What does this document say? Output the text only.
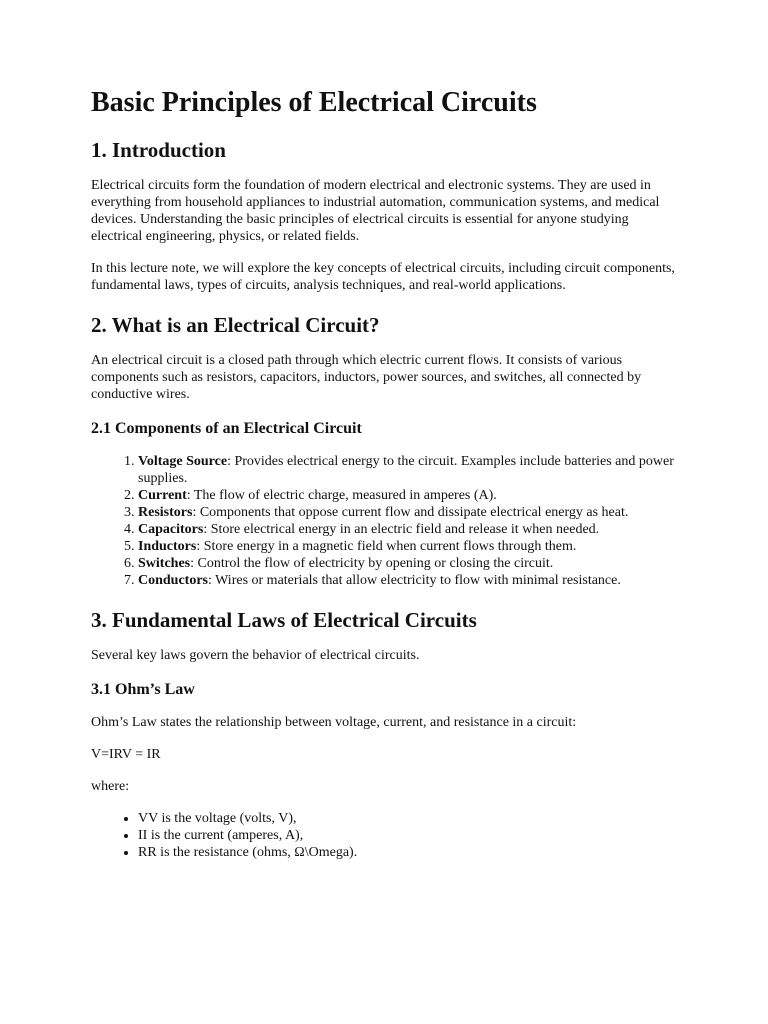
Basic Principles of Electrical Circuits
1. Introduction

Electrical circuits form the foundation of modern electrical and electronic systems. They are used in everything from household appliances to industrial automation, communication systems, and medical devices. Understanding the basic principles of electrical circuits is essential for anyone studying electrical engineering, physics, or related fields.

In this lecture note, we will explore the key concepts of electrical circuits, including circuit components, fundamental laws, types of circuits, analysis techniques, and real-world applications.

2. What is an Electrical Circuit?

An electrical circuit is a closed path through which electric current flows. It consists of various components such as resistors, capacitors, inductors, power sources, and switches, all connected by conductive wires.

2.1 Components of an Electrical Circuit
1. Voltage Source: Provides electrical energy to the circuit. Examples include batteries and power supplies.
2. Current: The flow of electric charge, measured in amperes (A).
3. Resistors: Components that oppose current flow and dissipate electrical energy as heat.
4. Capacitors: Store electrical energy in an electric field and release it when needed.
5. Inductors: Store energy in a magnetic field when current flows through them.
6. Switches: Control the flow of electricity by opening or closing the circuit.
7. Conductors: Wires or materials that allow electricity to flow with minimal resistance.
3. Fundamental Laws of Electrical Circuits

Several key laws govern the behavior of electrical circuits.

3.1 Ohm’s Law

Ohm’s Law states the relationship between voltage, current, and resistance in a circuit:

V=IRV = IR

where:

• VV is the voltage (volts, V),
• II is the current (amperes, A),
• RR is the resistance (ohms, Ω\Omega).
